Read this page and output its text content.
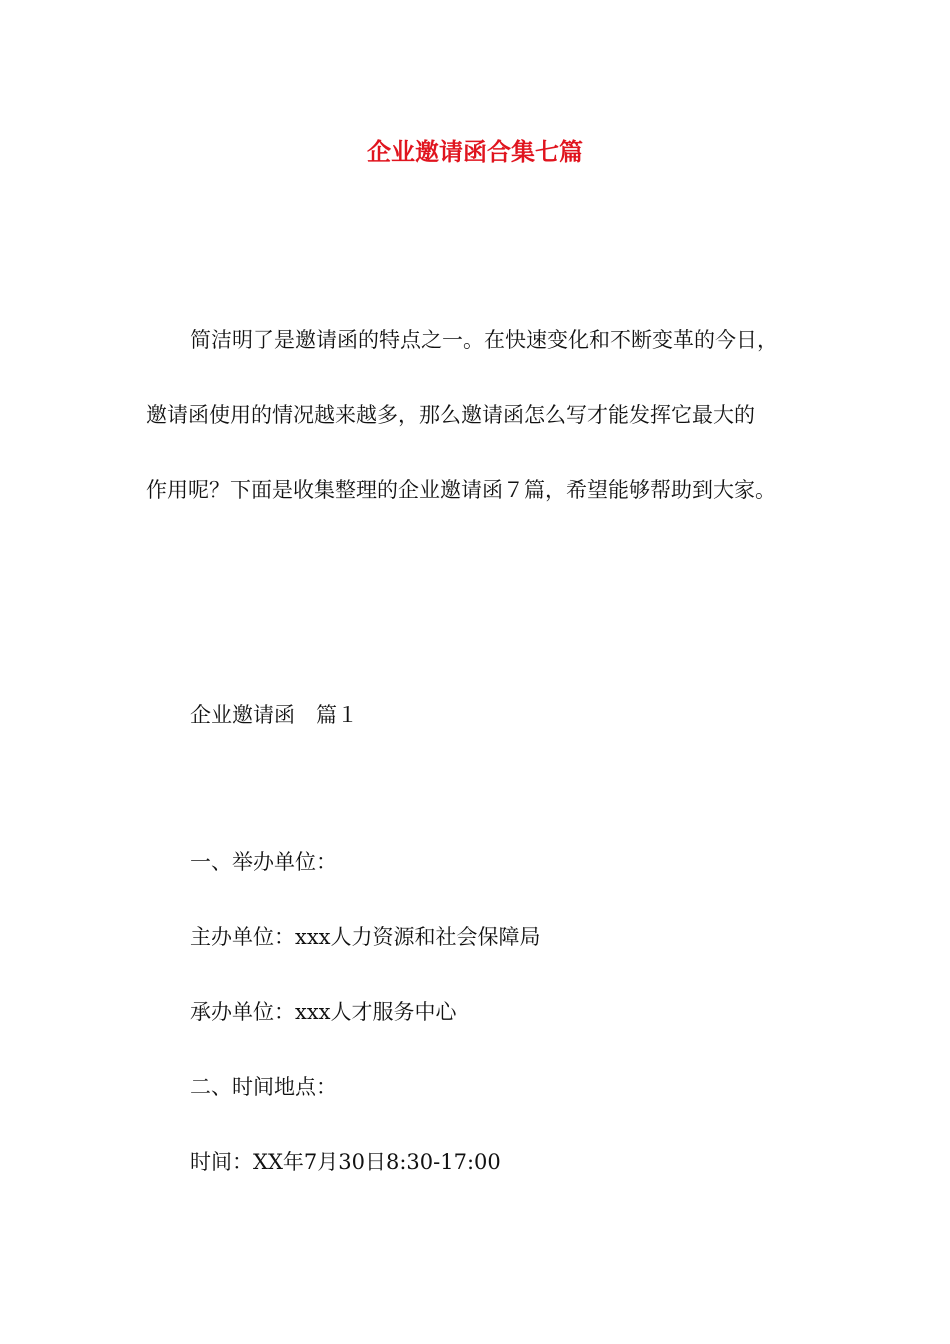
企业邀请函合集七篇
简洁明了是邀请函的特点之一。在快速变化和不断变革的今日，
邀请函使用的情况越来越多，那么邀请函怎么写才能发挥它最大的
作用呢？下面是收集整理的企业邀请函７篇，希望能够帮助到大家。
企业邀请函　篇１
一、举办单位：
主办单位：xxx人力资源和社会保障局
承办单位：xxx人才服务中心
二、时间地点：
时间：XX年7月30日8:30-17:00
